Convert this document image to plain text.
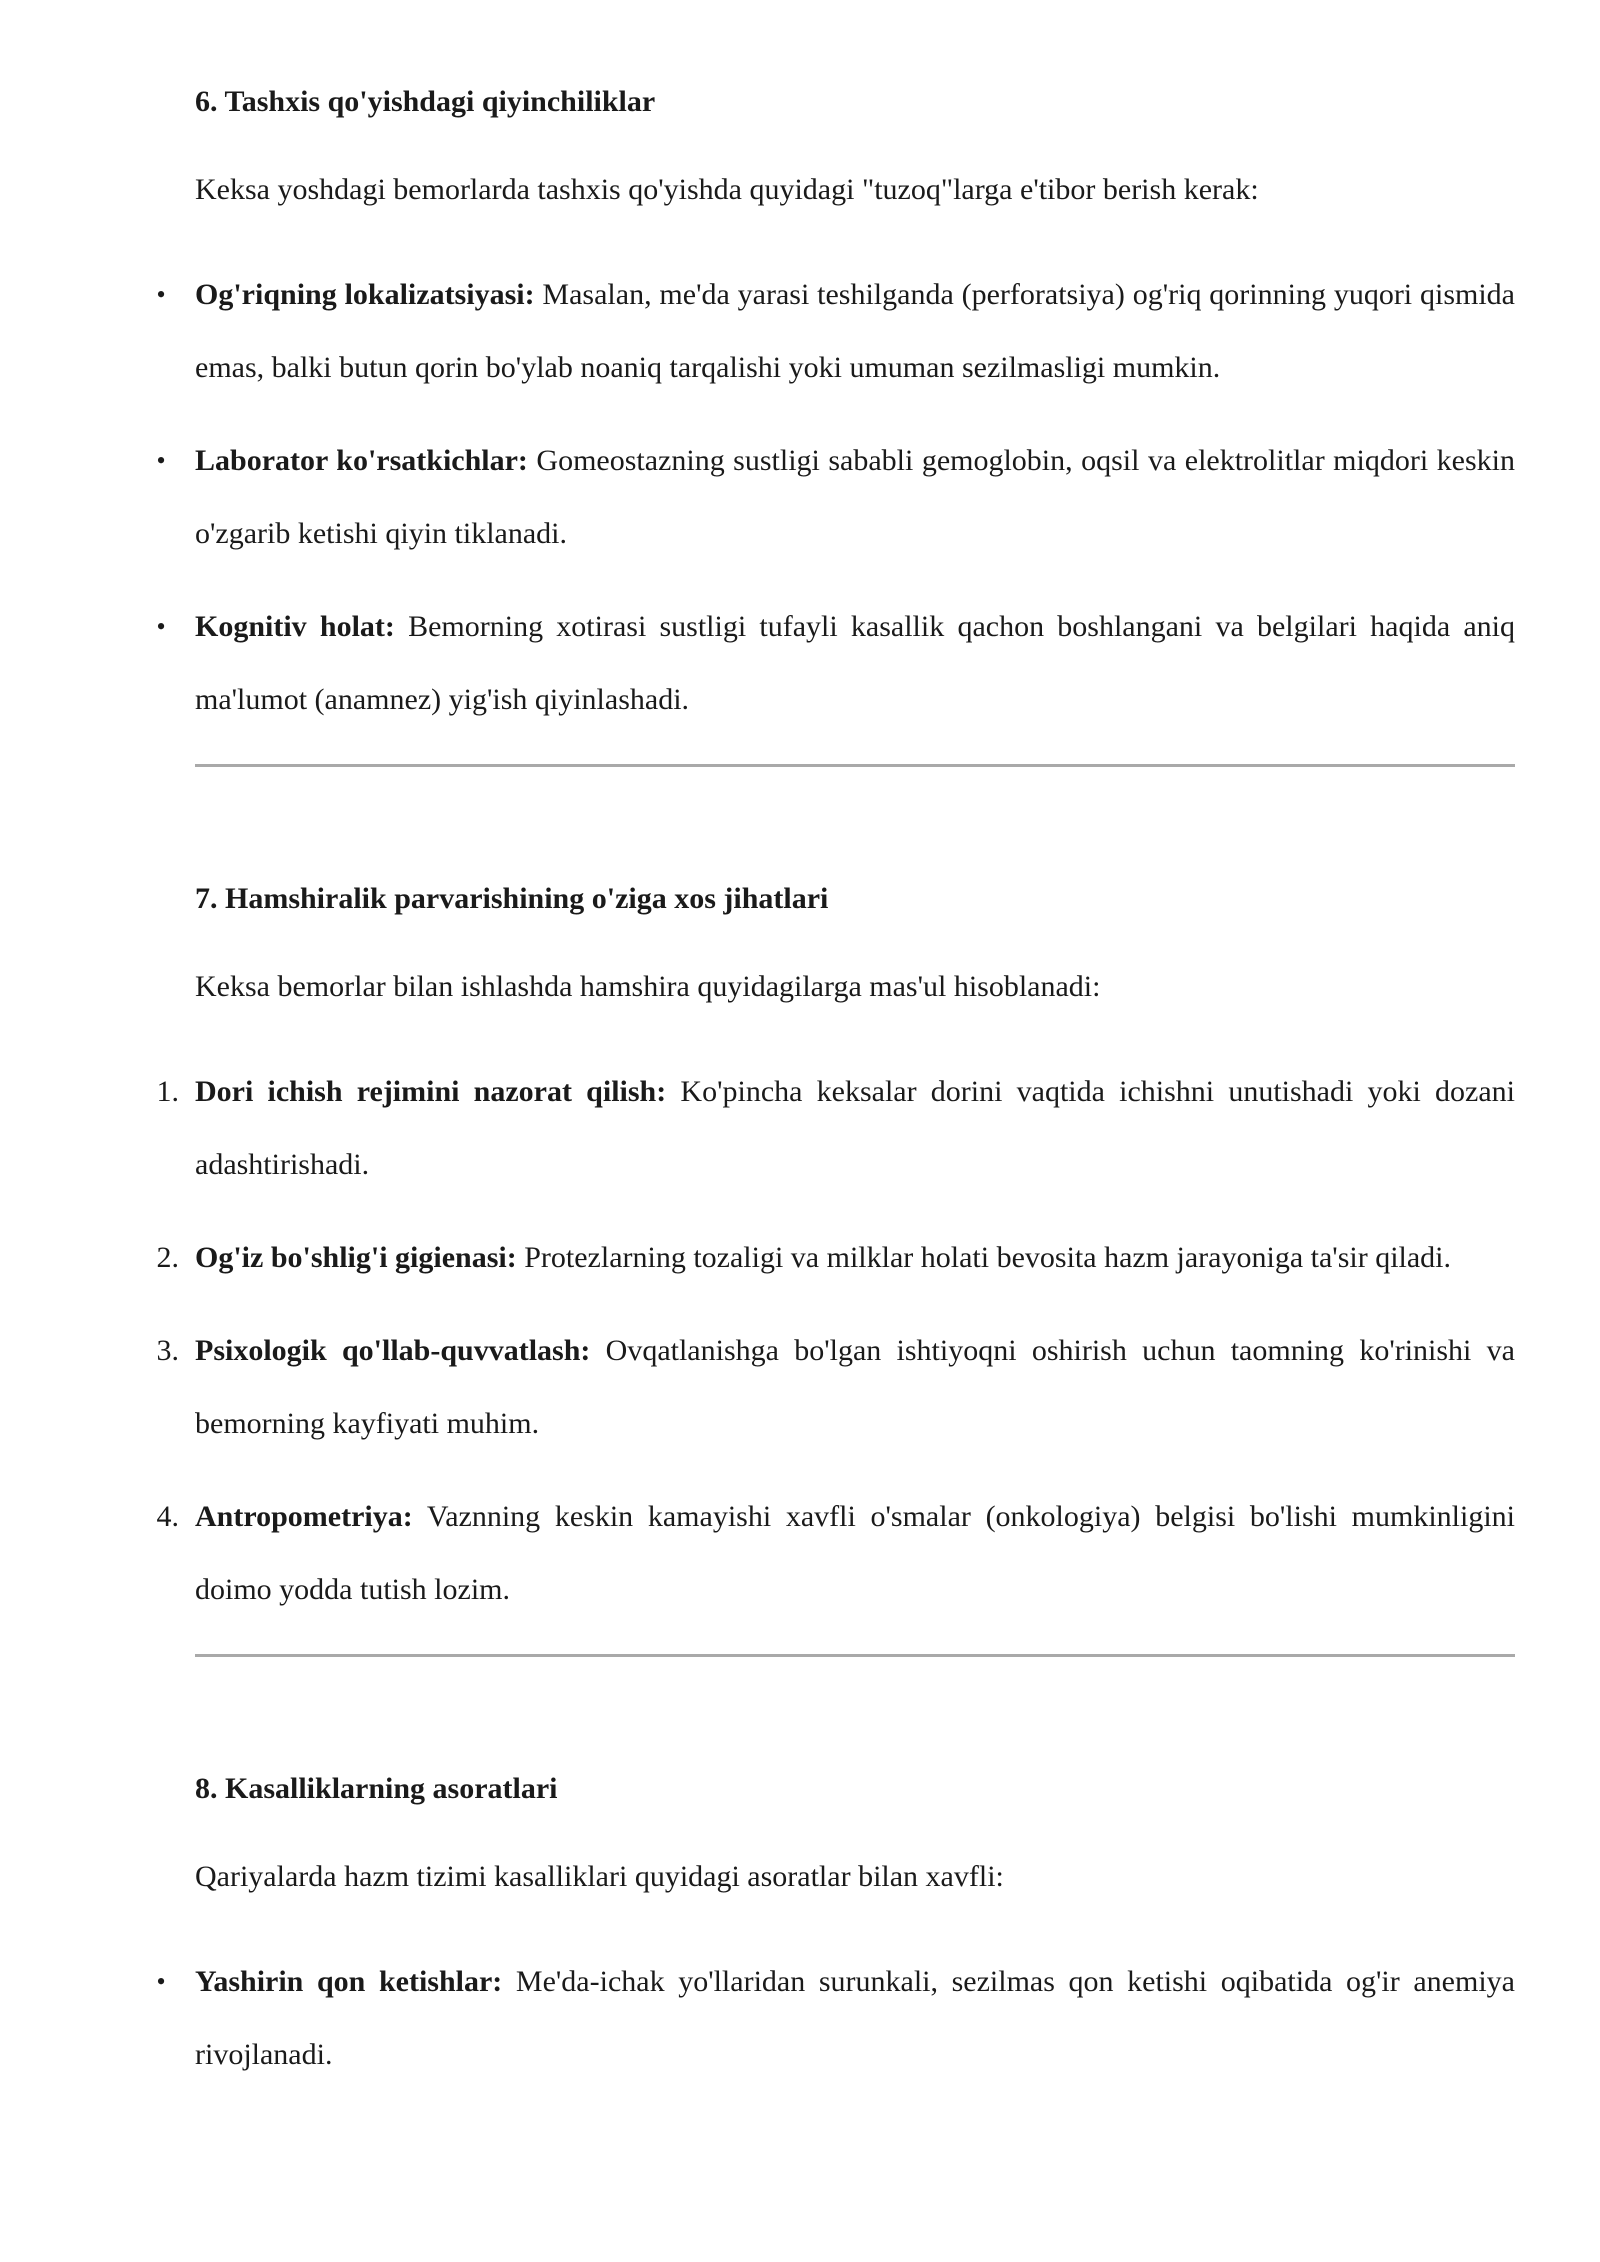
6. Tashxis qo'yishdagi qiyinchiliklar

Keksa yoshdagi bemorlarda tashxis qo'yishda quyidagi "tuzoq"larga e'tibor berish kerak:

• Og'riqning lokalizatsiyasi: Masalan, me'da yarasi teshilganda (perforatsiya) og'riq qorinning yuqori qismida emas, balki butun qorin bo'ylab noaniq tarqalishi yoki umuman sezilmasligi mumkin.
• Laborator ko'rsatkichlar: Gomeostazning sustligi sababli gemoglobin, oqsil va elektrolitlar miqdori keskin o'zgarib ketishi qiyin tiklanadi.
• Kognitiv holat: Bemorning xotirasi sustligi tufayli kasallik qachon boshlangani va belgilari haqida aniq ma'lumot (anamnez) yig'ish qiyinlashadi.
7. Hamshiralik parvarishining o'ziga xos jihatlari

Keksa bemorlar bilan ishlashda hamshira quyidagilarga mas'ul hisoblanadi:

1. Dori ichish rejimini nazorat qilish: Ko'pincha keksalar dorini vaqtida ichishni unutishadi yoki dozani adashtirishadi.
2. Og'iz bo'shlig'i gigienasi: Protezlarning tozaligi va milklar holati bevosita hazm jarayoniga ta'sir qiladi.
3. Psixologik qo'llab-quvvatlash: Ovqatlanishga bo'lgan ishtiyoqni oshirish uchun taomning ko'rinishi va bemorning kayfiyati muhim.
4. Antropometriya: Vaznning keskin kamayishi xavfli o'smalar (onkologiya) belgisi bo'lishi mumkinligini doimo yodda tutish lozim.
8. Kasalliklarning asoratlari

Qariyalarda hazm tizimi kasalliklari quyidagi asoratlar bilan xavfli:

• Yashirin qon ketishlar: Me'da-ichak yo'llaridan surunkali, sezilmas qon ketishi oqibatida og'ir anemiya rivojlanadi.
